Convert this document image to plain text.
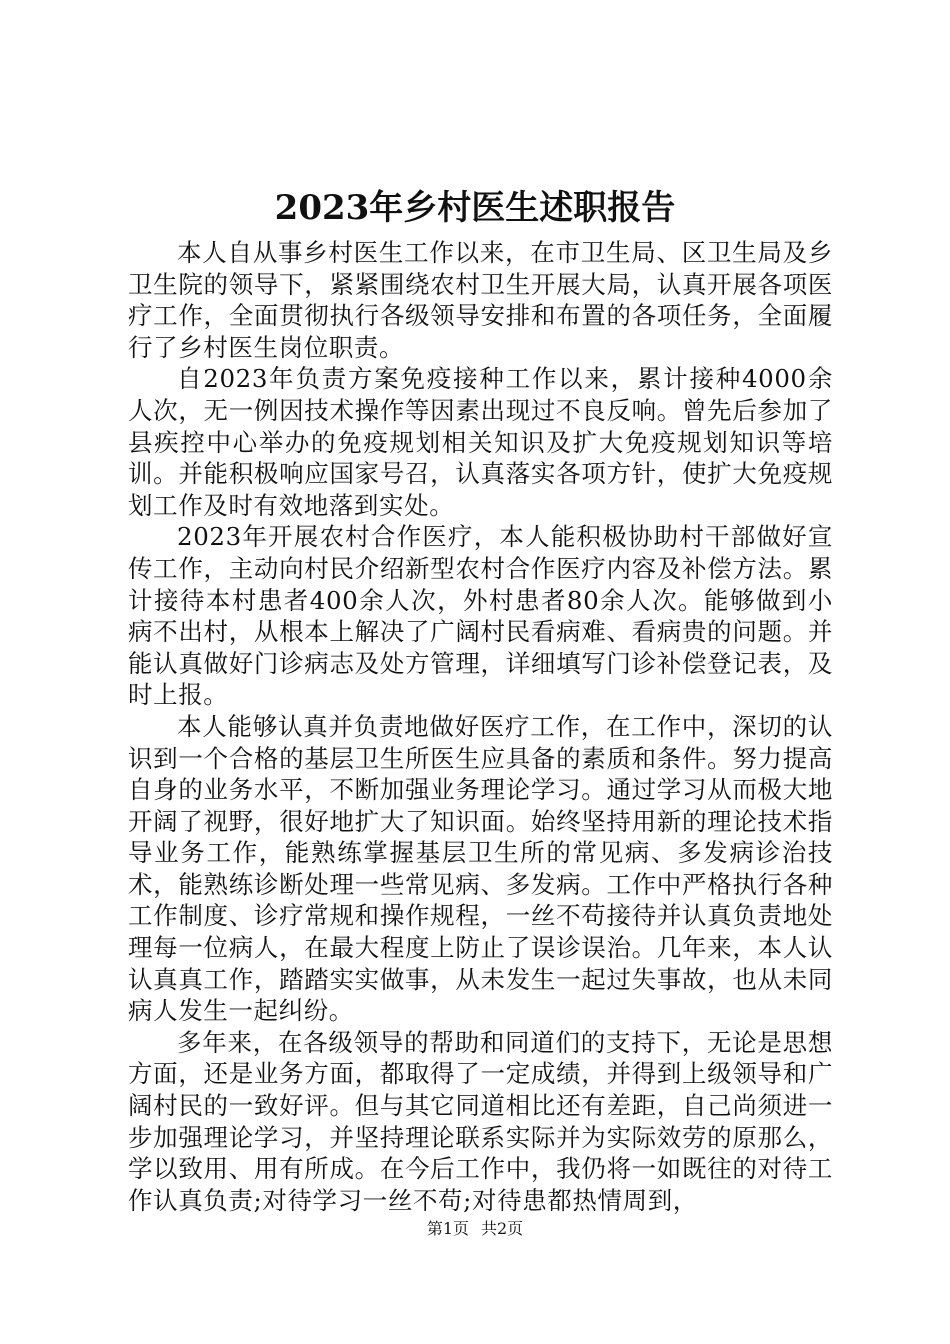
2023年乡村医生述职报告

本人自从事乡村医生工作以来，在市卫生局、区卫生局及乡卫生院的领导下，紧紧围绕农村卫生开展大局，认真开展各项医疗工作，全面贯彻执行各级领导安排和布置的各项任务，全面履行了乡村医生岗位职责。

自2023年负责方案免疫接种工作以来，累计接种4000余人次，无一例因技术操作等因素出现过不良反响。曾先后参加了县疾控中心举办的免疫规划相关知识及扩大免疫规划知识等培训。并能积极响应国家号召，认真落实各项方针，使扩大免疫规划工作及时有效地落到实处。

2023年开展农村合作医疗，本人能积极协助村干部做好宣传工作，主动向村民介绍新型农村合作医疗内容及补偿方法。累计接待本村患者400余人次，外村患者80余人次。能够做到小病不出村，从根本上解决了广阔村民看病难、看病贵的问题。并能认真做好门诊病志及处方管理，详细填写门诊补偿登记表，及时上报。

本人能够认真并负责地做好医疗工作，在工作中，深切的认识到一个合格的基层卫生所医生应具备的素质和条件。努力提高自身的业务水平，不断加强业务理论学习。通过学习从而极大地开阔了视野，很好地扩大了知识面。始终坚持用新的理论技术指导业务工作，能熟练掌握基层卫生所的常见病、多发病诊治技术，能熟练诊断处理一些常见病、多发病。工作中严格执行各种工作制度、诊疗常规和操作规程，一丝不苟接待并认真负责地处理每一位病人，在最大程度上防止了误诊误治。几年来，本人认认真真工作，踏踏实实做事，从未发生一起过失事故，也从未同病人发生一起纠纷。

多年来，在各级领导的帮助和同道们的支持下，无论是思想方面，还是业务方面，都取得了一定成绩，并得到上级领导和广阔村民的一致好评。但与其它同道相比还有差距，自己尚须进一步加强理论学习，并坚持理论联系实际并为实际效劳的原那么，学以致用、用有所成。在今后工作中，我仍将一如既往的对待工作认真负责;对待学习一丝不苟;对待患都热情周到，

第1页 共2页
